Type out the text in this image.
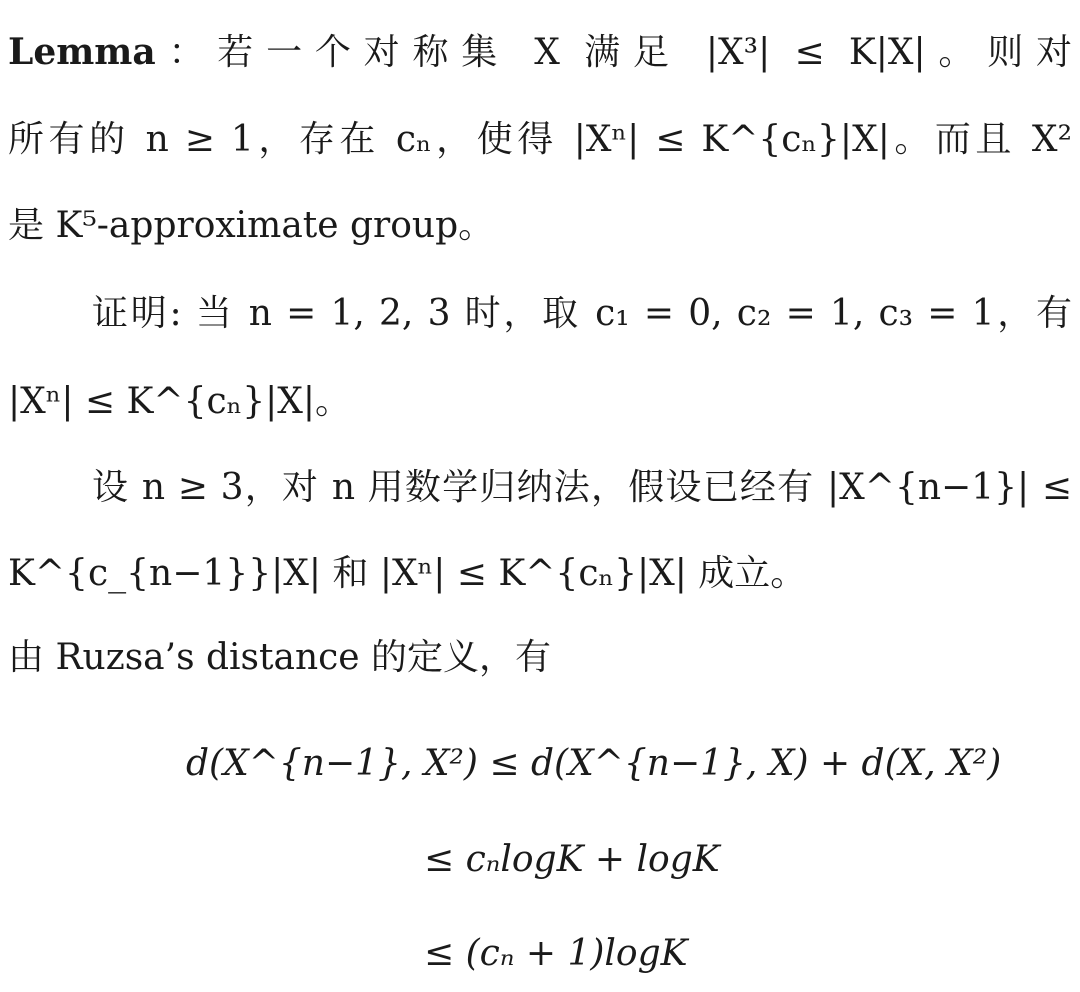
Lemma：若一个对称集 X 满足 |X³| ≤ K|X|。则对
所有的 n ≥ 1，存在 cₙ，使得 |Xⁿ| ≤ K^{cₙ}|X|。而且 X²
是 K⁵-approximate group。
证明: 当 n = 1, 2, 3 时，取 c₁ = 0, c₂ = 1, c₃ = 1，有
|Xⁿ| ≤ K^{cₙ}|X|。
设 n ≥ 3，对 n 用数学归纳法，假设已经有 |X^{n−1}| ≤
K^{c_{n−1}}|X| 和 |Xⁿ| ≤ K^{cₙ}|X| 成立。
由 Ruzsa’s distance 的定义，有
d(X^{n−1}, X²) ≤ d(X^{n−1}, X) + d(X, X²)
≤ cₙlogK + logK
≤ (cₙ + 1)logK
